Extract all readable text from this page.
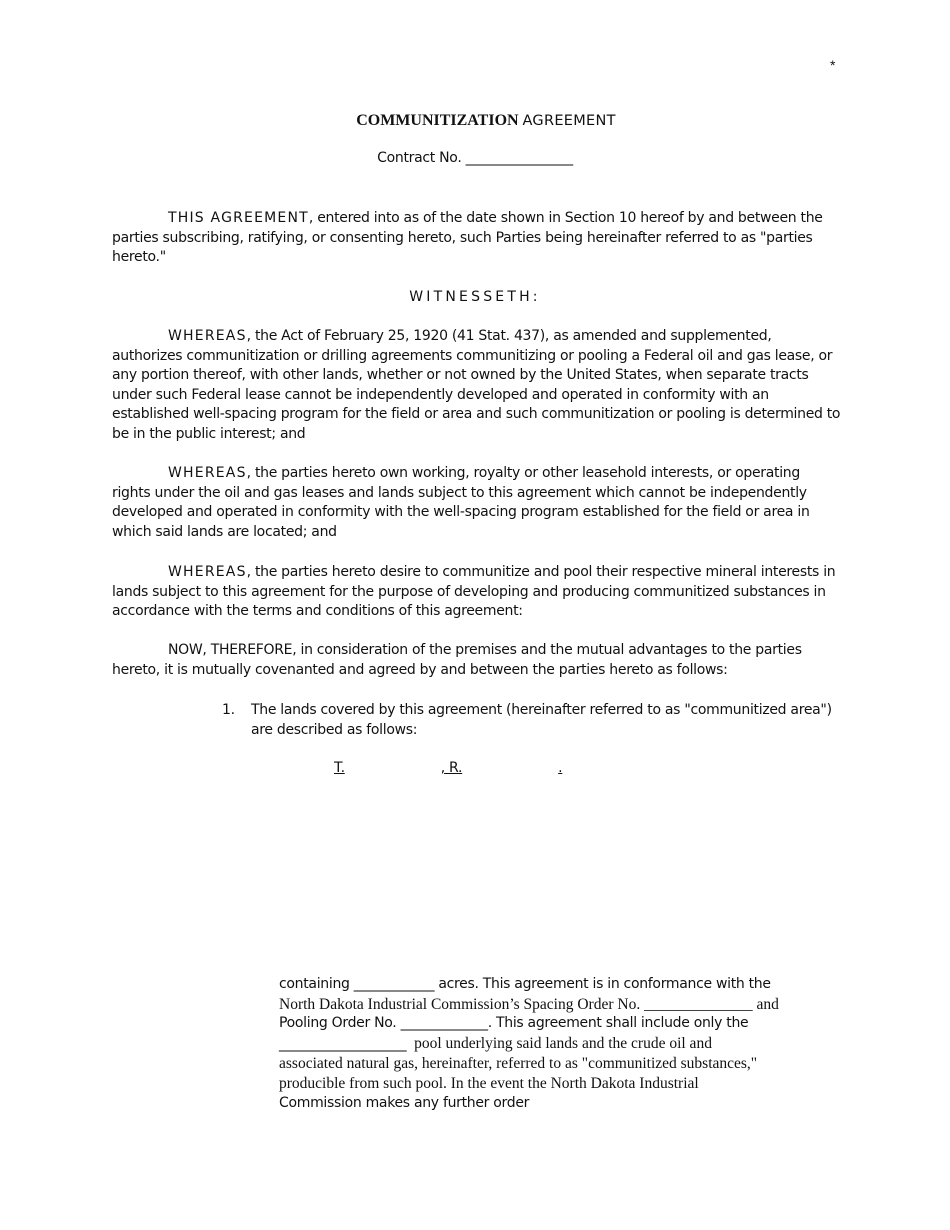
*
COMMUNITIZATION AGREEMENT
Contract No. ________________

THIS AGREEMENT, entered into as of the date shown in Section 10 hereof by and between the parties subscribing, ratifying, or consenting hereto, such Parties being hereinafter referred to as "parties hereto."

WITNESSETH:

WHEREAS, the Act of February 25, 1920 (41 Stat. 437), as amended and supplemented, authorizes communitization or drilling agreements communitizing or pooling a Federal oil and gas lease, or any portion thereof, with other lands, whether or not owned by the United States, when separate tracts under such Federal lease cannot be independently developed and operated in conformity with an established well-spacing program for the field or area and such communitization or pooling is determined to be in the public interest; and

WHEREAS, the parties hereto own working, royalty or other leasehold interests, or operating rights under the oil and gas leases and lands subject to this agreement which cannot be independently developed and operated in conformity with the well-spacing program established for the field or area in which said lands are located; and

WHEREAS, the parties hereto desire to communitize and pool their respective mineral interests in lands subject to this agreement for the purpose of developing and producing communitized substances in accordance with the terms and conditions of this agreement:

NOW, THEREFORE, in consideration of the premises and the mutual advantages to the parties hereto, it is mutually covenanted and agreed by and between the parties hereto as follows:

1. The lands covered by this agreement (hereinafter referred to as "communitized area") are described as follows:
T.	, R.	.
containing ____________ acres. This agreement is in conformance with the
North Dakota Industrial Commission’s Spacing Order No. ______________ and
Pooling Order No. _____________. This agreement shall include only the
___________________  pool underlying said lands and the crude oil and
associated natural gas, hereinafter, referred to as "communitized substances,"
producible from such pool. In the event the North Dakota Industrial
Commission makes any further order
